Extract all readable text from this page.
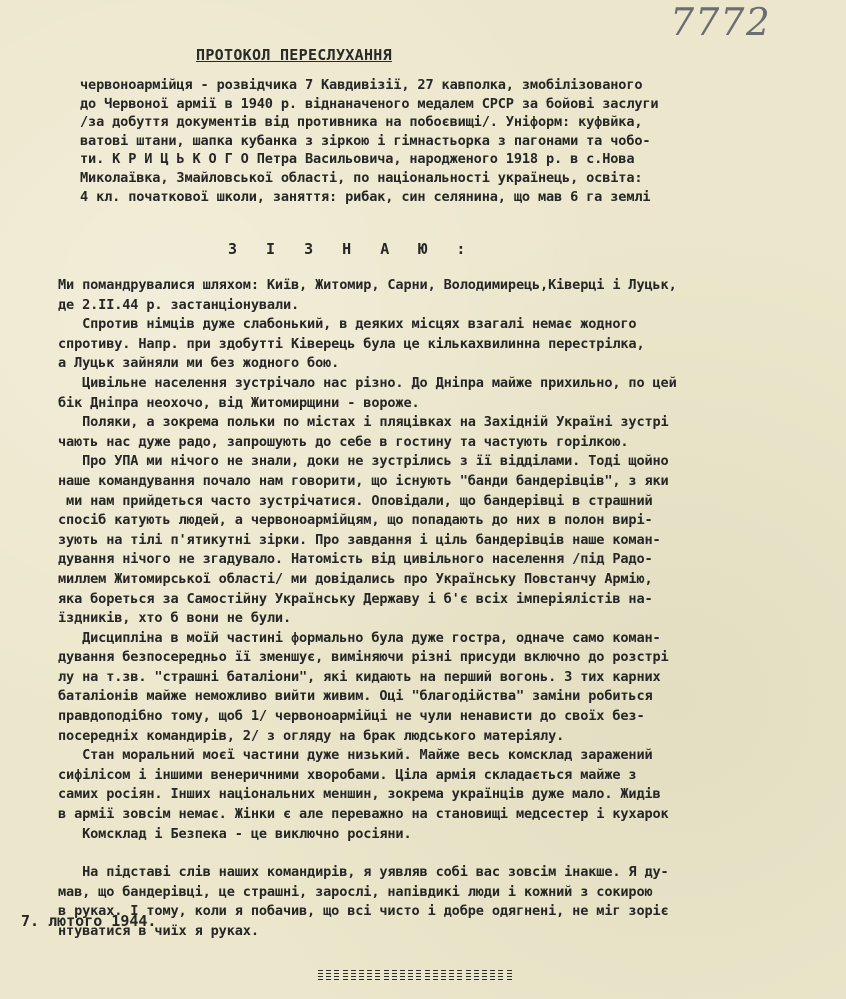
7772
ПРОТОКОЛ ПЕРЕСЛУХАННЯ
червоноармійця - розвідчика 7 Кавдивізії, 27 кавполка, змобілізованого
до Червоної армії в 1940 р. віднаначеного медалем СРСР за бойові заслуги
/за добуття документів від противника на побоєвищі/. Уніформ: куфвйка,
ватові штани, шапка кубанка з зіркою і гімнастьорка з пагонами та чобо-
ти. К Р И Ц Ь К О Г О Петра Васильовича, народженого 1918 р. в с.Нова
Миколаївка, Змайловської області, по національності українець, освіта:
4 кл. початкової школи, заняття: рибак, син селянина, що мав 6 га землі
З І З Н А Ю :
Ми помандрувалися шляхом: Київ, Житомир, Сарни, Володимирець,Ківерці і Луцьк,
де 2.ІІ.44 р. застанціонували.
Спротив німців дуже слабонький, в деяких місцях взагалі немає жодного
спротиву. Напр. при здобутті Ківерець була це кількахвилинна перестрілка,
а Луцьк зайняли ми без жодного бою.
Цивільне населення зустрічало нас різно. До Дніпра майже прихильно, по цей
бік Дніпра неохочо, від Житомирщини - вороже.
Поляки, а зокрема польки по містах і пляцівках на Західній Україні зустрі
чають нас дуже радо, запрошують до себе в гостину та частують горілкою.
Про УПА ми нічого не знали, доки не зустрілись з її відділами. Тоді щойно
наше командування почало нам говорити, що існують "банди бандерівців", з яки
ми нам прийдеться часто зустрічатися. Оповідали, що бандерівці в страшний
спосіб катують людей, а червоноармійцям, що попадають до них в полон вирі-
зують на тілі п'ятикутні зірки. Про завдання і ціль бандерівців наше коман-
дування нічого не згадувало. Натомість від цивільного населення /під Радо-
миллем Житомирської області/ ми довідались про Українську Повстанчу Армію,
яка бореться за Самостійну Українську Державу і б'є всіх імперіялістів на-
їздників, хто б вони не були.
Дисципліна в моїй частині формально була дуже гостра, одначе само коман-
дування безпосередньо її зменшує, виміняючи різні присуди включно до розстрі
лу на т.зв. "страшні баталіони", які кидають на перший вогонь. З тих карних
баталіонів майже неможливо вийти живим. Оці "благодійства" заміни робиться
правдоподібно тому, щоб 1/ червоноармійці не чули ненависти до своїх без-
посередніх командирів, 2/ з огляду на брак людського матеріялу.
Стан моральний моєї частини дуже низький. Майже весь комсклад заражений
сифілісом і іншими венеричними хворобами. Ціла армія складається майже з
самих росіян. Інших національних меншин, зокрема українців дуже мало. Жидів
в армії зовсім немає. Жінки є але переважно на становищі медсестер і кухарок
Комсклад і Безпека - це виключно росіяни.
На підставі слів наших командирів, я уявляв собі вас зовсім інакше. Я ду-
мав, що бандерівці, це страшні, зарослі, напівдикі люди і кожний з сокирою
в руках. І тому, коли я побачив, що всі чисто і добре одягнені, не міг зоріє
нтуватися в чиїх я руках.
7. лютого 1944.
